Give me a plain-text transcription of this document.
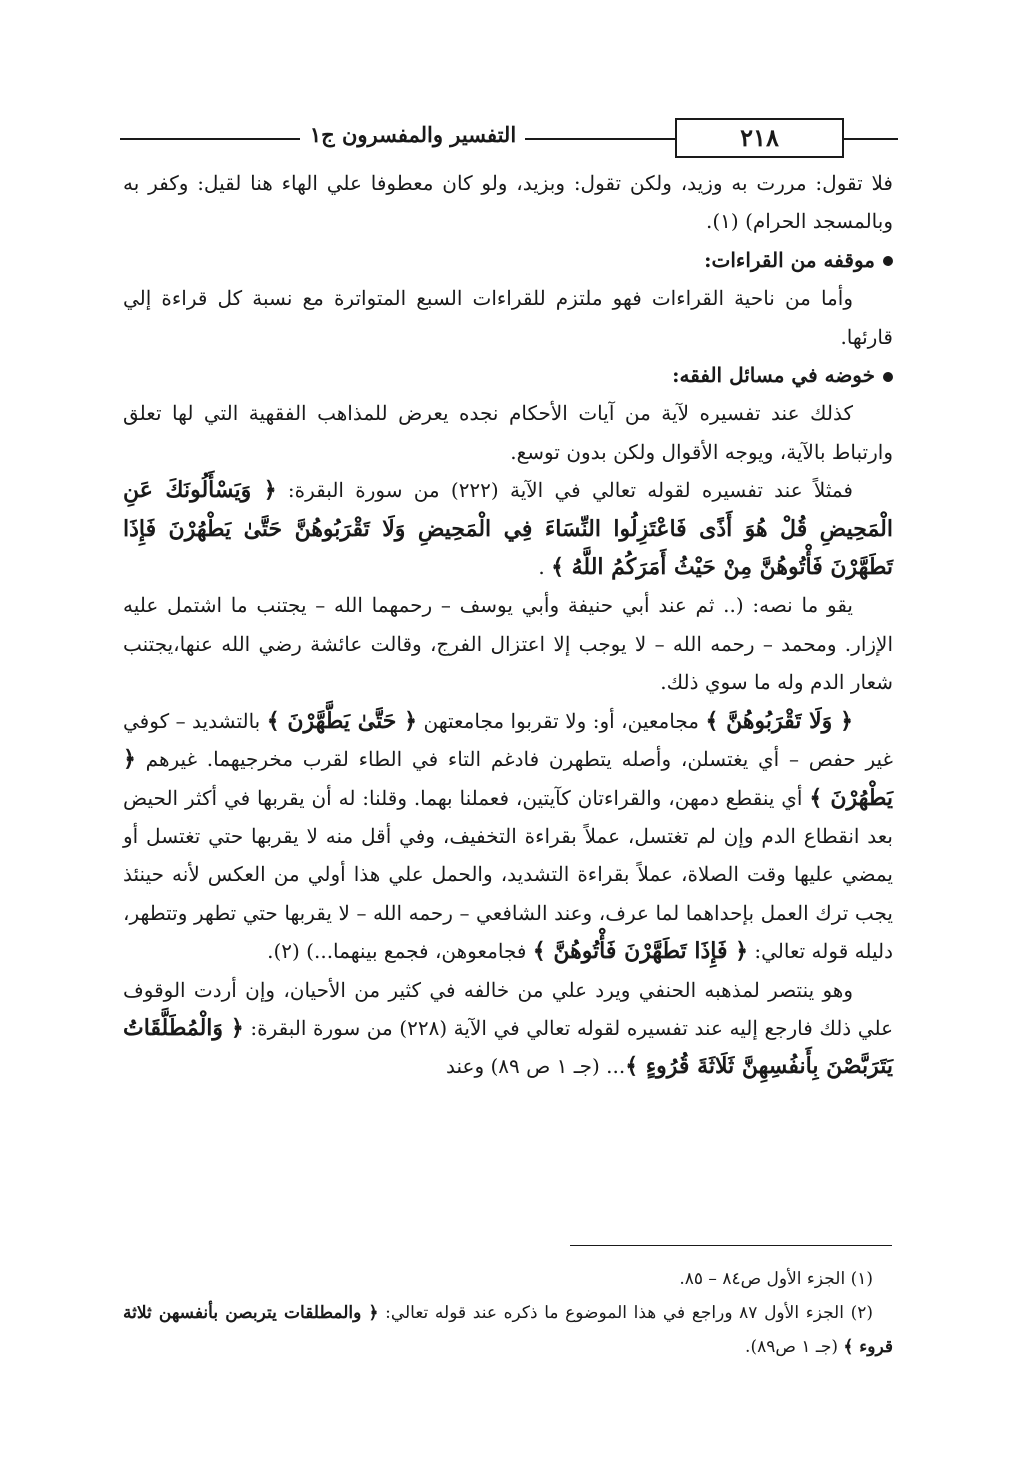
التفسير والمفسرون ج١	٢١٨

فلا تقول: مررت به وزيد، ولكن تقول: وبزيد، ولو كان معطوفا علي الهاء هنا لقيل: وكفر به وبالمسجد الحرام) (١).

موقفه من القراءات:

وأما من ناحية القراءات فهو ملتزم للقراءات السبع المتواترة مع نسبة كل قراءة إلي قارئها.

خوضه في مسائل الفقه:

كذلك عند تفسيره لآية من آيات الأحكام نجده يعرض للمذاهب الفقهية التي لها تعلق وارتباط بالآية، ويوجه الأقوال ولكن بدون توسع.

فمثلاً عند تفسيره لقوله تعالي في الآية (٢٢٢) من سورة البقرة: ﴿ وَيَسْأَلُونَكَ عَنِ الْمَحِيضِ قُلْ هُوَ أَذًى فَاعْتَزِلُوا النِّسَاءَ فِي الْمَحِيضِ وَلَا تَقْرَبُوهُنَّ حَتَّىٰ يَطْهُرْنَ فَإِذَا تَطَهَّرْنَ فَأْتُوهُنَّ مِنْ حَيْثُ أَمَرَكُمُ اللَّهُ ﴾ .

يقو ما نصه: (.. ثم عند أبي حنيفة وأبي يوسف – رحمهما الله – يجتنب ما اشتمل عليه الإزار. ومحمد – رحمه الله – لا يوجب إلا اعتزال الفرج، وقالت عائشة رضي الله عنها،يجتنب شعار الدم وله ما سوي ذلك.

﴿ وَلَا تَقْرَبُوهُنَّ ﴾ مجامعين، أو: ولا تقربوا مجامعتهن ﴿ حَتَّىٰ يَطَّهَّرْنَ ﴾ بالتشديد – كوفي غير حفص – أي يغتسلن، وأصله يتطهرن فادغم التاء في الطاء لقرب مخرجيهما. غيرهم ﴿ يَطْهُرْنَ ﴾ أي ينقطع دمهن، والقراءتان كآيتين، فعملنا بهما. وقلنا: له أن يقربها في أكثر الحيض بعد انقطاع الدم وإن لم تغتسل، عملاً بقراءة التخفيف، وفي أقل منه لا يقربها حتي تغتسل أو يمضي عليها وقت الصلاة، عملاً بقراءة التشديد، والحمل علي هذا أولي من العكس لأنه حينئذ يجب ترك العمل بإحداهما لما عرف، وعند الشافعي – رحمه الله – لا يقربها حتي تطهر وتتطهر، دليله قوله تعالي: ﴿ فَإِذَا تَطَهَّرْنَ فَأْتُوهُنَّ ﴾ فجامعوهن، فجمع بينهما...) (٢).

وهو ينتصر لمذهبه الحنفي ويرد علي من خالفه في كثير من الأحيان، وإن أردت الوقوف علي ذلك فارجع إليه عند تفسيره لقوله تعالي في الآية (٢٢٨) من سورة البقرة: ﴿ وَالْمُطَلَّقَاتُ يَتَرَبَّصْنَ بِأَنفُسِهِنَّ ثَلَاثَةَ قُرُوءٍ ﴾... (جـ ١ ص ٨٩) وعند

(١) الجزء الأول ص٨٤ – ٨٥.

(٢) الجزء الأول ٨٧ وراجع في هذا الموضوع ما ذكره عند قوله تعالي: ﴿ والمطلقات يتربصن بأنفسهن ثلاثة قروء ﴾ (جـ ١ ص٨٩).
